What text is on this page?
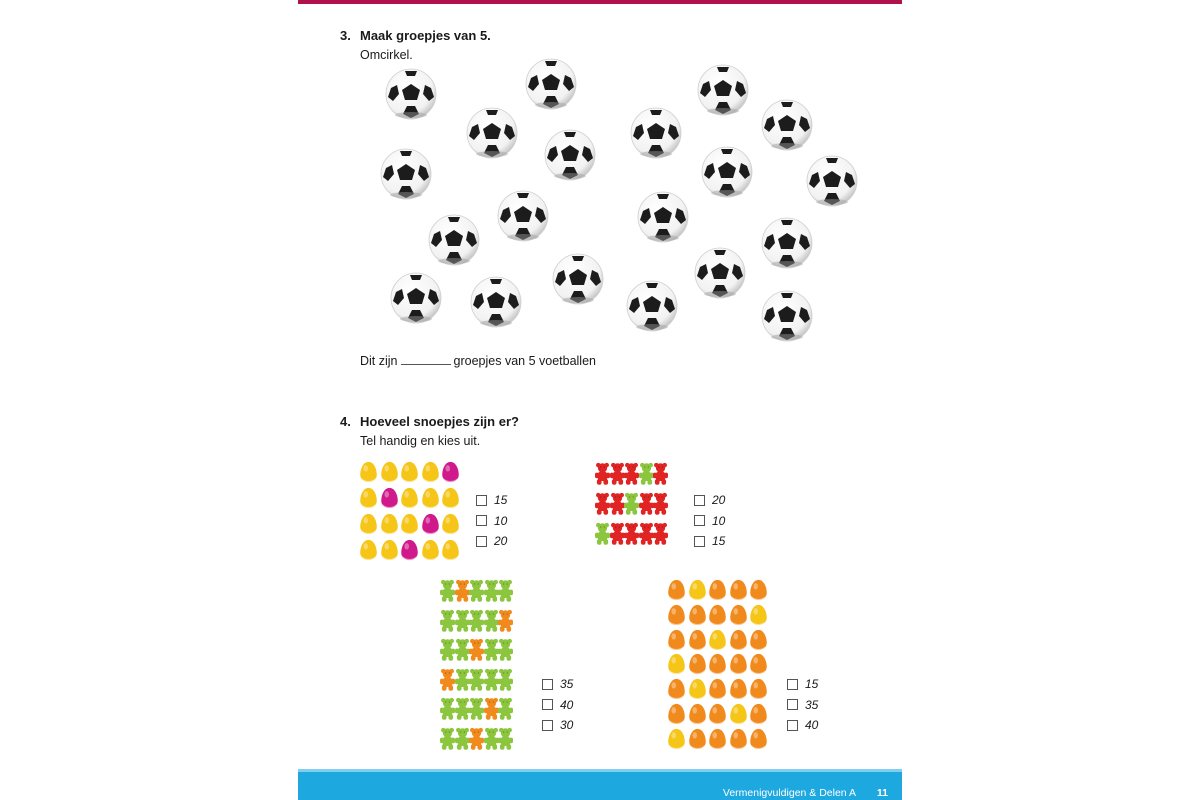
3. Maak groepjes van 5.
Omcirkel.
Dit zijn	groepjes van 5 voetballen
4. Hoeveel snoepjes zijn er?
Tel handig en kies uit.
15
10
20
20
10
15
35
40
30
15
35
40
Vermenigvuldigen & Delen A 11
